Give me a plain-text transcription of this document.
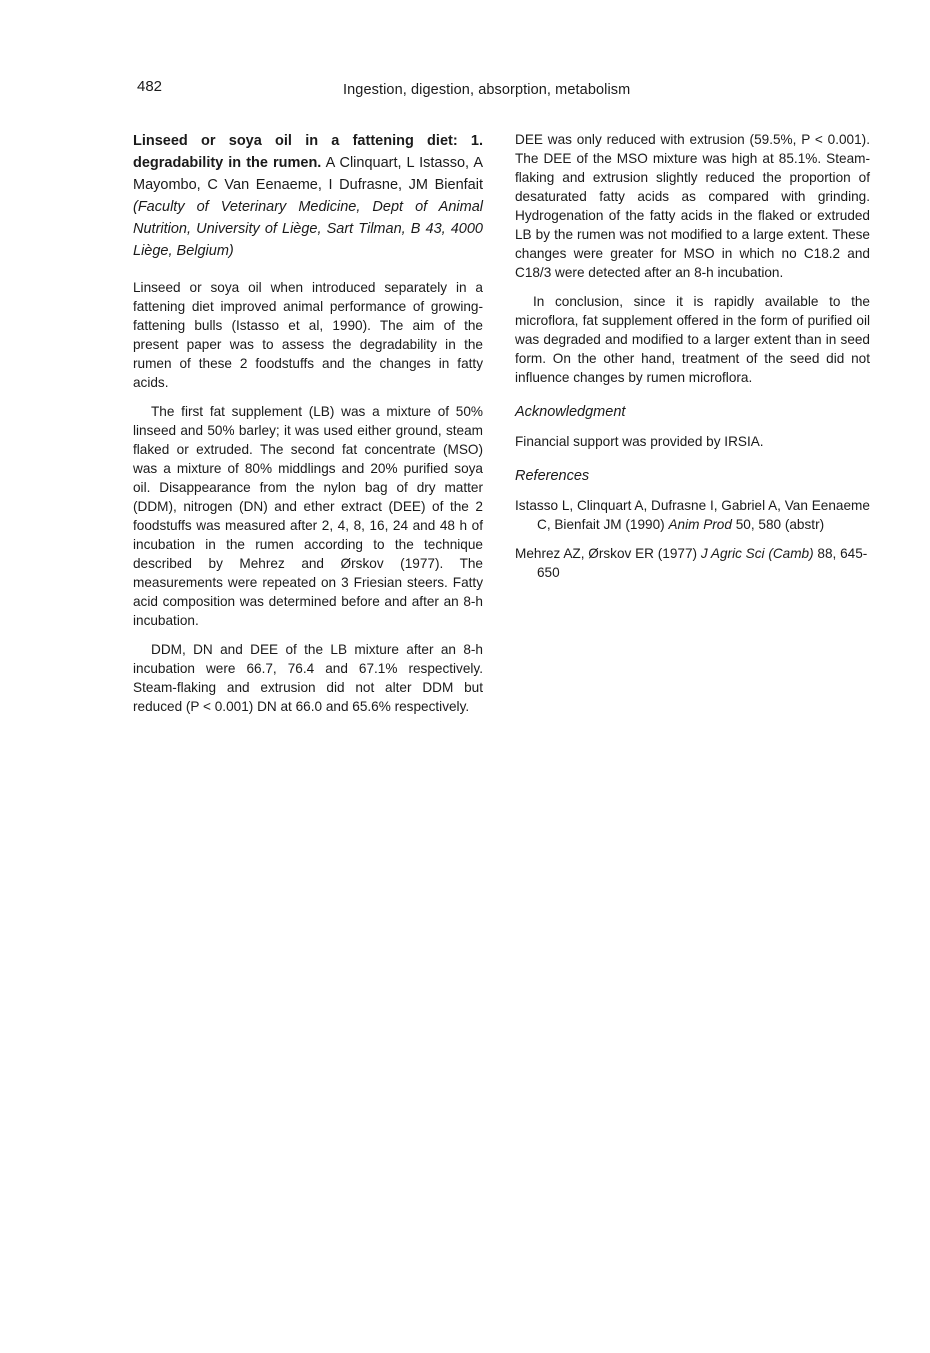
482	Ingestion, digestion, absorption, metabolism
Linseed or soya oil in a fattening diet: 1. degradability in the rumen. A Clinquart, L Istasso, A Mayombo, C Van Eenaeme, I Dufrasne, JM Bienfait (Faculty of Veterinary Medicine, Dept of Animal Nutrition, University of Liège, Sart Tilman, B 43, 4000 Liège, Belgium)

Linseed or soya oil when introduced separately in a fattening diet improved animal performance of growing-fattening bulls (Istasso et al, 1990). The aim of the present paper was to assess the degradability in the rumen of these 2 foodstuffs and the changes in fatty acids.

The first fat supplement (LB) was a mixture of 50% linseed and 50% barley; it was used either ground, steam flaked or extruded. The second fat concentrate (MSO) was a mixture of 80% middlings and 20% purified soya oil. Disappearance from the nylon bag of dry matter (DDM), nitrogen (DN) and ether extract (DEE) of the 2 foodstuffs was measured after 2, 4, 8, 16, 24 and 48 h of incubation in the rumen according to the technique described by Mehrez and Ørskov (1977). The measurements were repeated on 3 Friesian steers. Fatty acid composition was determined before and after an 8-h incubation.

DDM, DN and DEE of the LB mixture after an 8-h incubation were 66.7, 76.4 and 67.1% respectively. Steam-flaking and extrusion did not alter DDM but reduced (P < 0.001) DN at 66.0 and 65.6% respectively.

DEE was only reduced with extrusion (59.5%, P < 0.001). The DEE of the MSO mixture was high at 85.1%. Steam-flaking and extrusion slightly reduced the proportion of desaturated fatty acids as compared with grinding. Hydrogenation of the fatty acids in the flaked or extruded LB by the rumen was not modified to a large extent. These changes were greater for MSO in which no C18.2 and C18/3 were detected after an 8-h incubation.

In conclusion, since it is rapidly available to the microflora, fat supplement offered in the form of purified oil was degraded and modified to a larger extent than in seed form. On the other hand, treatment of the seed did not influence changes by rumen microflora.

Acknowledgment

Financial support was provided by IRSIA.

References

Istasso L, Clinquart A, Dufrasne I, Gabriel A, Van Eenaeme C, Bienfait JM (1990) Anim Prod 50, 580 (abstr)

Mehrez AZ, Ørskov ER (1977) J Agric Sci (Camb) 88, 645-650
